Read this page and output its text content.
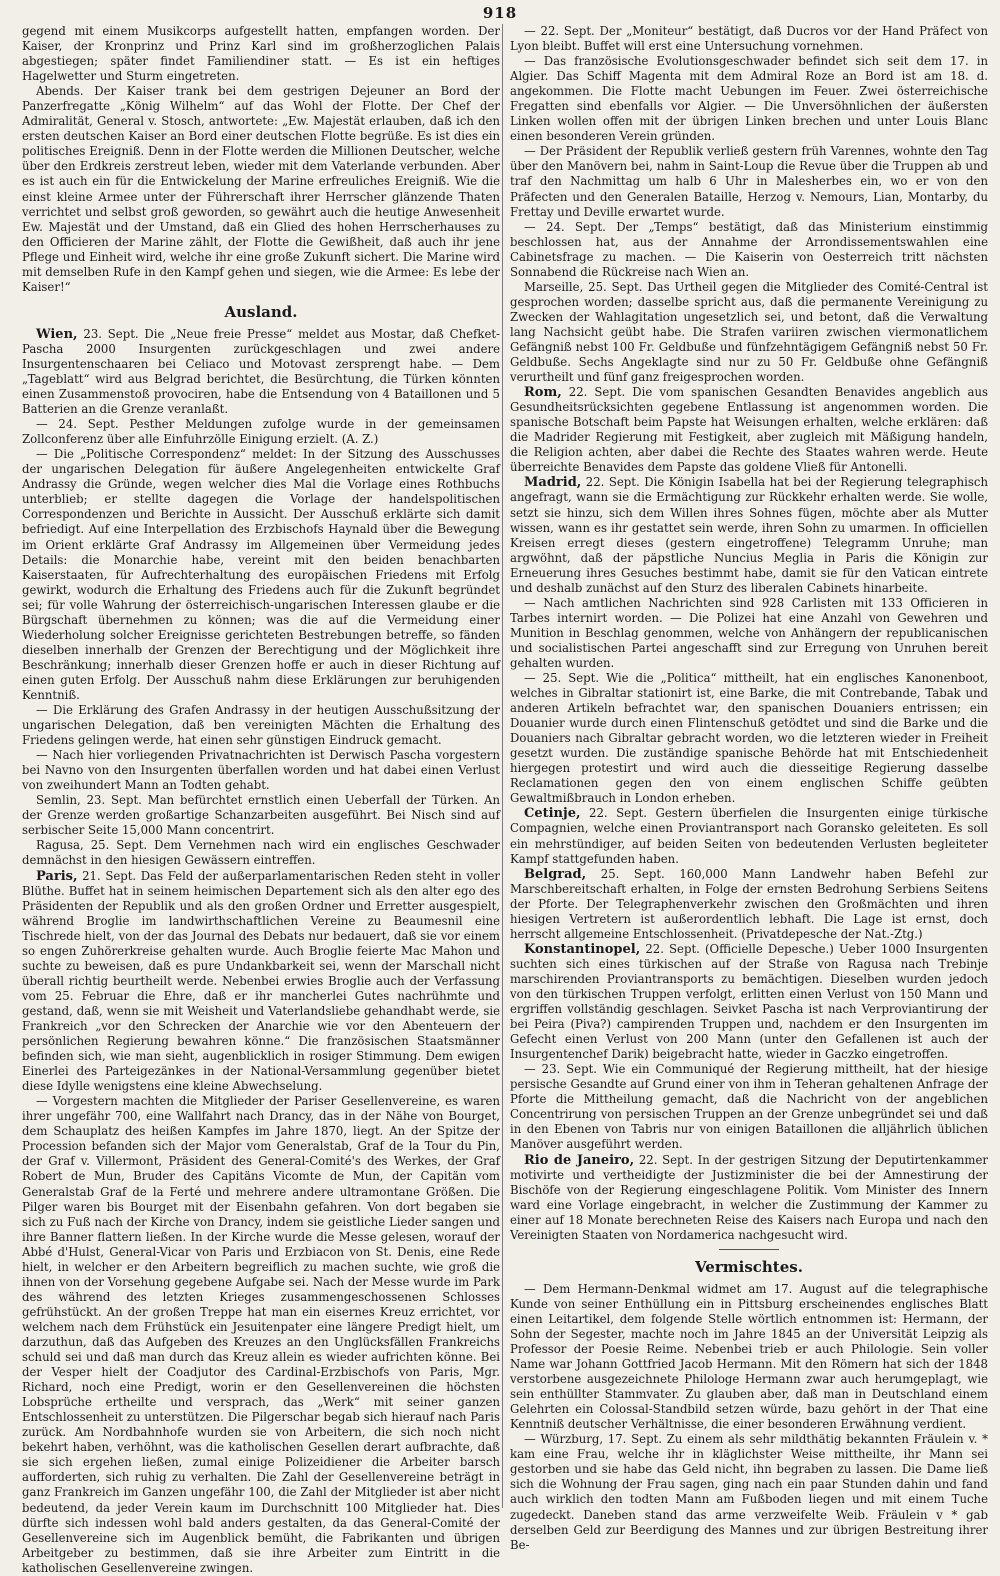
918

gegend mit einem Musikcorps aufgestellt hatten, empfangen worden. Der Kaiser, der Kronprinz und Prinz Karl sind im großherzoglichen Palais abgestiegen; später findet Familiendiner statt. — Es ist ein heftiges Hagelwetter und Sturm eingetreten.

Abends. Der Kaiser trank bei dem gestrigen Dejeuner an Bord der Panzerfregatte „König Wilhelm“ auf das Wohl der Flotte. Der Chef der Admiralität, General v. Stosch, antwortete: „Ew. Majestät erlauben, daß ich den ersten deutschen Kaiser an Bord einer deutschen Flotte begrüße. Es ist dies ein politisches Ereigniß. Denn in der Flotte werden die Millionen Deutscher, welche über den Erdkreis zerstreut leben, wieder mit dem Vaterlande verbunden. Aber es ist auch ein für die Entwickelung der Marine erfreuliches Ereigniß. Wie die einst kleine Armee unter der Führerschaft ihrer Herrscher glänzende Thaten verrichtet und selbst groß geworden, so gewährt auch die heutige Anwesenheit Ew. Majestät und der Umstand, daß ein Glied des hohen Herrscherhauses zu den Officieren der Marine zählt, der Flotte die Gewißheit, daß auch ihr jene Pflege und Einheit wird, welche ihr eine große Zukunft sichert. Die Marine wird mit demselben Rufe in den Kampf gehen und siegen, wie die Armee: Es lebe der Kaiser!“

Ausland.

Wien, 23. Sept. Die „Neue freie Presse“ meldet aus Mostar, daß Chefket-Pascha 2000 Insurgenten zurückgeschlagen und zwei andere Insurgentenschaaren bei Celiaco und Motovast zersprengt habe. — Dem „Tageblatt“ wird aus Belgrad berichtet, die Besürchtung, die Türken könnten einen Zusammenstoß provociren, habe die Entsendung von 4 Bataillonen und 5 Batterien an die Grenze veranlaßt.

— 24. Sept. Pesther Meldungen zufolge wurde in der gemeinsamen Zollconferenz über alle Einfuhrzölle Einigung erzielt. (A. Z.)

— Die „Politische Correspondenz“ meldet: In der Sitzung des Ausschusses der ungarischen Delegation für äußere Angelegenheiten entwickelte Graf Andrassy die Gründe, wegen welcher dies Mal die Vorlage eines Rothbuchs unterblieb; er stellte dagegen die Vorlage der handelspolitischen Correspondenzen und Berichte in Aussicht. Der Ausschuß erklärte sich damit befriedigt. Auf eine Interpellation des Erzbischofs Haynald über die Bewegung im Orient erklärte Graf Andrassy im Allgemeinen über Vermeidung jedes Details: die Monarchie habe, vereint mit den beiden benachbarten Kaiserstaaten, für Aufrechterhaltung des europäischen Friedens mit Erfolg gewirkt, wodurch die Erhaltung des Friedens auch für die Zukunft begründet sei; für volle Wahrung der österreichisch-ungarischen Interessen glaube er die Bürgschaft übernehmen zu können; was die auf die Vermeidung einer Wiederholung solcher Ereignisse gerichteten Bestrebungen betreffe, so fänden dieselben innerhalb der Grenzen der Berechtigung und der Möglichkeit ihre Beschränkung; innerhalb dieser Grenzen hoffe er auch in dieser Richtung auf einen guten Erfolg. Der Ausschuß nahm diese Erklärungen zur beruhigenden Kenntniß.

— Die Erklärung des Grafen Andrassy in der heutigen Ausschußsitzung der ungarischen Delegation, daß ben vereinigten Mächten die Erhaltung des Friedens gelingen werde, hat einen sehr günstigen Eindruck gemacht.

— Nach hier vorliegenden Privatnachrichten ist Derwisch Pascha vorgestern bei Navno von den Insurgenten überfallen worden und hat dabei einen Verlust von zweihundert Mann an Todten gehabt.

Semlin, 23. Sept. Man befürchtet ernstlich einen Ueberfall der Türken. An der Grenze werden großartige Schanzarbeiten ausgeführt. Bei Nisch sind auf serbischer Seite 15,000 Mann concentrirt.

Ragusa, 25. Sept. Dem Vernehmen nach wird ein englisches Geschwader demnächst in den hiesigen Gewässern eintreffen.

Paris, 21. Sept. Das Feld der außerparlamentarischen Reden steht in voller Blüthe. Buffet hat in seinem heimischen Departement sich als den alter ego des Präsidenten der Republik und als den großen Ordner und Erretter ausgespielt, während Broglie im landwirthschaftlichen Vereine zu Beaumesnil eine Tischrede hielt, von der das Journal des Debats nur bedauert, daß sie vor einem so engen Zuhörerkreise gehalten wurde. Auch Broglie feierte Mac Mahon und suchte zu beweisen, daß es pure Undankbarkeit sei, wenn der Marschall nicht überall richtig beurtheilt werde. Nebenbei erwies Broglie auch der Verfassung vom 25. Februar die Ehre, daß er ihr mancherlei Gutes nachrühmte und gestand, daß, wenn sie mit Weisheit und Vaterlandsliebe gehandhabt werde, sie Frankreich „vor den Schrecken der Anarchie wie vor den Abenteuern der persönlichen Regierung bewahren könne.“ Die französischen Staatsmänner befinden sich, wie man sieht, augenblicklich in rosiger Stimmung. Dem ewigen Einerlei des Parteigezänkes in der National-Versammlung gegenüber bietet diese Idylle wenigstens eine kleine Abwechselung.

— Vorgestern machten die Mitglieder der Pariser Gesellenvereine, es waren ihrer ungefähr 700, eine Wallfahrt nach Drancy, das in der Nähe von Bourget, dem Schauplatz des heißen Kampfes im Jahre 1870, liegt. An der Spitze der Procession befanden sich der Major vom Generalstab, Graf de la Tour du Pin, der Graf v. Villermont, Präsident des General-Comité's des Werkes, der Graf Robert de Mun, Bruder des Capitäns Vicomte de Mun, der Capitän vom Generalstab Graf de la Ferté und mehrere andere ultramontane Größen. Die Pilger waren bis Bourget mit der Eisenbahn gefahren. Von dort begaben sie sich zu Fuß nach der Kirche von Drancy, indem sie geistliche Lieder sangen und ihre Banner flattern ließen. In der Kirche wurde die Messe gelesen, worauf der Abbé d'Hulst, General-Vicar von Paris und Erzbiacon von St. Denis, eine Rede hielt, in welcher er den Arbeitern begreiflich zu machen suchte, wie groß die ihnen von der Vorsehung gegebene Aufgabe sei. Nach der Messe wurde im Park des während des letzten Krieges zusammengeschossenen Schlosses gefrühstückt. An der großen Treppe hat man ein eisernes Kreuz errichtet, vor welchem nach dem Frühstück ein Jesuitenpater eine längere Predigt hielt, um darzuthun, daß das Aufgeben des Kreuzes an den Unglücksfällen Frankreichs schuld sei und daß man durch das Kreuz allein es wieder aufrichten könne. Bei der Vesper hielt der Coadjutor des Cardinal-Erzbischofs von Paris, Mgr. Richard, noch eine Predigt, worin er den Gesellenvereinen die höchsten Lobsprüche ertheilte und versprach, das „Werk“ mit seiner ganzen Entschlossenheit zu unterstützen. Die Pilgerschar begab sich hierauf nach Paris zurück. Am Nordbahnhofe wurden sie von Arbeitern, die sich noch nicht bekehrt haben, verhöhnt, was die katholischen Gesellen derart aufbrachte, daß sie sich ergehen ließen, zumal einige Polizeidiener die Arbeiter barsch aufforderten, sich ruhig zu verhalten. Die Zahl der Gesellenvereine beträgt in ganz Frankreich im Ganzen ungefähr 100, die Zahl der Mitglieder ist aber nicht bedeutend, da jeder Verein kaum im Durchschnitt 100 Mitglieder hat. Dies dürfte sich indessen wohl bald anders gestalten, da das General-Comité der Gesellenvereine sich im Augenblick bemüht, die Fabrikanten und übrigen Arbeitgeber zu bestimmen, daß sie ihre Arbeiter zum Eintritt in die katholischen Gesellenvereine zwingen.

— 22. Sept. Der „Moniteur“ bestätigt, daß Ducros vor der Hand Präfect von Lyon bleibt. Buffet will erst eine Untersuchung vornehmen.

— Das französische Evolutionsgeschwader befindet sich seit dem 17. in Algier. Das Schiff Magenta mit dem Admiral Roze an Bord ist am 18. d. angekommen. Die Flotte macht Uebungen im Feuer. Zwei österreichische Fregatten sind ebenfalls vor Algier. — Die Unversöhnlichen der äußersten Linken wollen offen mit der übrigen Linken brechen und unter Louis Blanc einen besonderen Verein gründen.

— Der Präsident der Republik verließ gestern früh Varennes, wohnte den Tag über den Manövern bei, nahm in Saint-Loup die Revue über die Truppen ab und traf den Nachmittag um halb 6 Uhr in Malesherbes ein, wo er von den Präfecten und den Generalen Bataille, Herzog v. Nemours, Lian, Montarby, du Frettay und Deville erwartet wurde.

— 24. Sept. Der „Temps“ bestätigt, daß das Ministerium einstimmig beschlossen hat, aus der Annahme der Arrondissementswahlen eine Cabinetsfrage zu machen. — Die Kaiserin von Oesterreich tritt nächsten Sonnabend die Rückreise nach Wien an.

Marseille, 25. Sept. Das Urtheil gegen die Mitglieder des Comité-Central ist gesprochen worden; dasselbe spricht aus, daß die permanente Vereinigung zu Zwecken der Wahlagitation ungesetzlich sei, und betont, daß die Verwaltung lang Nachsicht geübt habe. Die Strafen variiren zwischen viermonatlichem Gefängniß nebst 100 Fr. Geldbuße und fünfzehntägigem Gefängniß nebst 50 Fr. Geldbuße. Sechs Angeklagte sind nur zu 50 Fr. Geldbuße ohne Gefängniß verurtheilt und fünf ganz freigesprochen worden.

Rom, 22. Sept. Die vom spanischen Gesandten Benavides angeblich aus Gesundheitsrücksichten gegebene Entlassung ist angenommen worden. Die spanische Botschaft beim Papste hat Weisungen erhalten, welche erklären: daß die Madrider Regierung mit Festigkeit, aber zugleich mit Mäßigung handeln, die Religion achten, aber dabei die Rechte des Staates wahren werde. Heute überreichte Benavides dem Papste das goldene Vließ für Antonelli.

Madrid, 22. Sept. Die Königin Isabella hat bei der Regierung telegraphisch angefragt, wann sie die Ermächtigung zur Rückkehr erhalten werde. Sie wolle, setzt sie hinzu, sich dem Willen ihres Sohnes fügen, möchte aber als Mutter wissen, wann es ihr gestattet sein werde, ihren Sohn zu umarmen. In officiellen Kreisen erregt dieses (gestern eingetroffene) Telegramm Unruhe; man argwöhnt, daß der päpstliche Nuncius Meglia in Paris die Königin zur Erneuerung ihres Gesuches bestimmt habe, damit sie für den Vatican eintrete und deshalb zunächst auf den Sturz des liberalen Cabinets hinarbeite.

— Nach amtlichen Nachrichten sind 928 Carlisten mit 133 Officieren in Tarbes internirt worden. — Die Polizei hat eine Anzahl von Gewehren und Munition in Beschlag genommen, welche von Anhängern der republicanischen und socialistischen Partei angeschafft sind zur Erregung von Unruhen bereit gehalten wurden.

— 25. Sept. Wie die „Politica“ mittheilt, hat ein englisches Kanonenboot, welches in Gibraltar stationirt ist, eine Barke, die mit Contrebande, Tabak und anderen Artikeln befrachtet war, den spanischen Douaniers entrissen; ein Douanier wurde durch einen Flintenschuß getödtet und sind die Barke und die Douaniers nach Gibraltar gebracht worden, wo die letzteren wieder in Freiheit gesetzt wurden. Die zuständige spanische Behörde hat mit Entschiedenheit hiergegen protestirt und wird auch die diesseitige Regierung dasselbe Reclamationen gegen den von einem englischen Schiffe geübten Gewaltmißbrauch in London erheben.

Cetinje, 22. Sept. Gestern überfielen die Insurgenten einige türkische Compagnien, welche einen Proviantransport nach Goransko geleiteten. Es soll ein mehrstündiger, auf beiden Seiten von bedeutenden Verlusten begleiteter Kampf stattgefunden haben.

Belgrad, 25. Sept. 160,000 Mann Landwehr haben Befehl zur Marschbereitschaft erhalten, in Folge der ernsten Bedrohung Serbiens Seitens der Pforte. Der Telegraphenverkehr zwischen den Großmächten und ihren hiesigen Vertretern ist außerordentlich lebhaft. Die Lage ist ernst, doch herrscht allgemeine Entschlossenheit. (Privatdepesche der Nat.-Ztg.)

Konstantinopel, 22. Sept. (Officielle Depesche.) Ueber 1000 Insurgenten suchten sich eines türkischen auf der Straße von Ragusa nach Trebinje marschirenden Proviantransports zu bemächtigen. Dieselben wurden jedoch von den türkischen Truppen verfolgt, erlitten einen Verlust von 150 Mann und ergriffen vollständig geschlagen. Seivket Pascha ist nach Verproviantirung der bei Peira (Piva?) campirenden Truppen und, nachdem er den Insurgenten im Gefecht einen Verlust von 200 Mann (unter den Gefallenen ist auch der Insurgentenchef Darik) beigebracht hatte, wieder in Gaczko eingetroffen.

— 23. Sept. Wie ein Communiqué der Regierung mittheilt, hat der hiesige persische Gesandte auf Grund einer von ihm in Teheran gehaltenen Anfrage der Pforte die Mittheilung gemacht, daß die Nachricht von der angeblichen Concentrirung von persischen Truppen an der Grenze unbegründet sei und daß in den Ebenen von Tabris nur von einigen Bataillonen die alljährlich üblichen Manöver ausgeführt werden.

Rio de Janeiro, 22. Sept. In der gestrigen Sitzung der Deputirtenkammer motivirte und vertheidigte der Justizminister die bei der Amnestirung der Bischöfe von der Regierung eingeschlagene Politik. Vom Minister des Innern ward eine Vorlage eingebracht, in welcher die Zustimmung der Kammer zu einer auf 18 Monate berechneten Reise des Kaisers nach Europa und nach den Vereinigten Staaten von Nordamerica nachgesucht wird.

Vermischtes.

— Dem Hermann-Denkmal widmet am 17. August auf die telegraphische Kunde von seiner Enthüllung ein in Pittsburg erscheinendes englisches Blatt einen Leitartikel, dem folgende Stelle wörtlich entnommen ist: Hermann, der Sohn der Segester, machte noch im Jahre 1845 an der Universität Leipzig als Professor der Poesie Reime. Nebenbei trieb er auch Philologie. Sein voller Name war Johann Gottfried Jacob Hermann. Mit den Römern hat sich der 1848 verstorbene ausgezeichnete Philologe Hermann zwar auch herumgeplagt, wie sein enthüllter Stammvater. Zu glauben aber, daß man in Deutschland einem Gelehrten ein Colossal-Standbild setzen würde, bazu gehört in der That eine Kenntniß deutscher Verhältnisse, die einer besonderen Erwähnung verdient.

— Würzburg, 17. Sept. Zu einem als sehr mildthätig bekannten Fräulein v. * kam eine Frau, welche ihr in kläglichster Weise mittheilte, ihr Mann sei gestorben und sie habe das Geld nicht, ihn begraben zu lassen. Die Dame ließ sich die Wohnung der Frau sagen, ging nach ein paar Stunden dahin und fand auch wirklich den todten Mann am Fußboden liegen und mit einem Tuche zugedeckt. Daneben stand das arme verzweifelte Weib. Fräulein v * gab derselben Geld zur Beerdigung des Mannes und zur übrigen Bestreitung ihrer Be-
